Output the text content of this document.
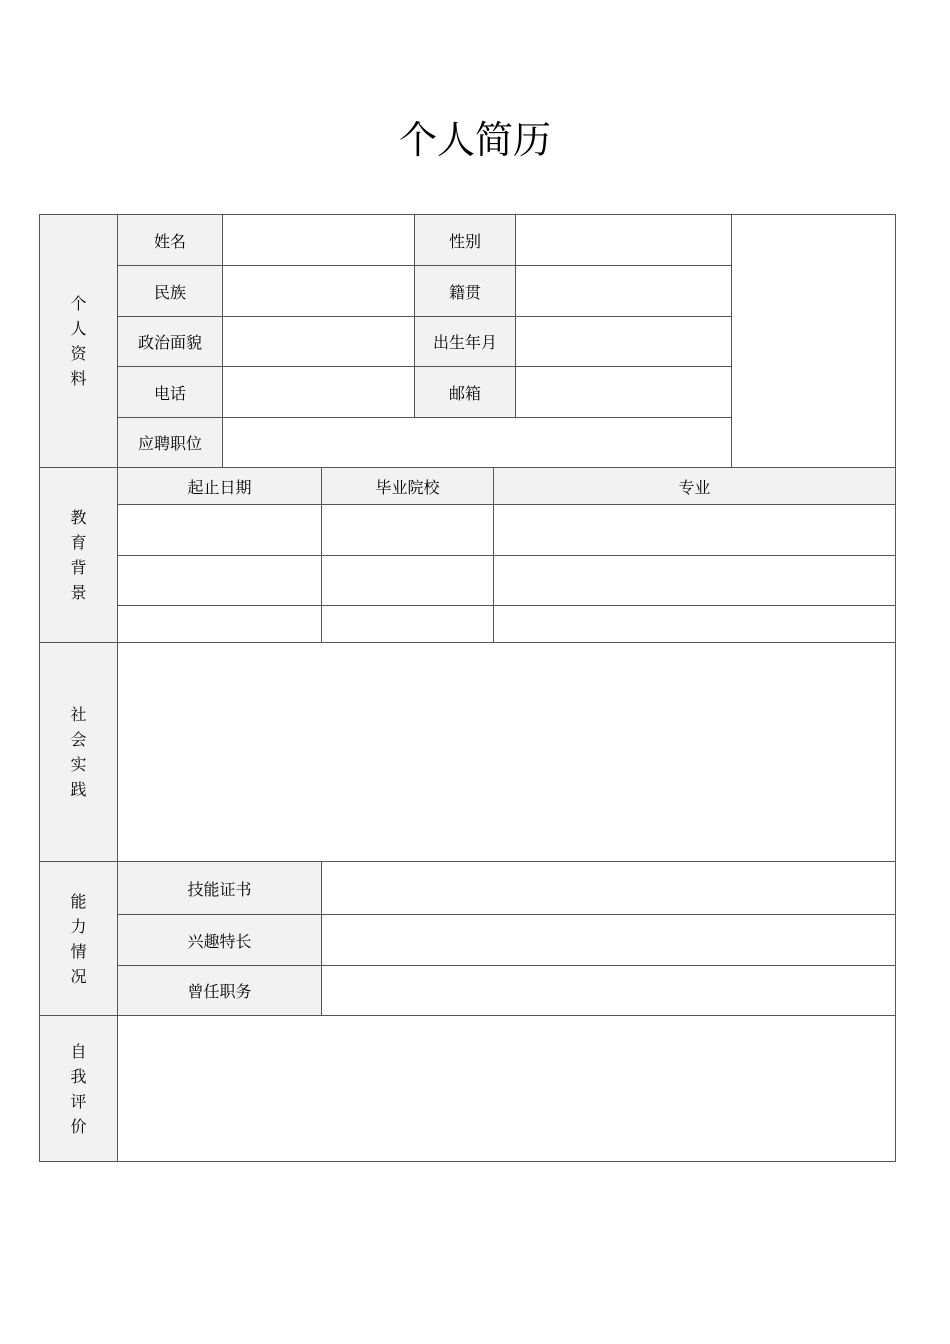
个人简历
个
人
资
料	姓名			性别			
	民族			籍贯			
	政治面貌			出生年月			
	电话			邮箱			
	应聘职位						

教
育
背
景	起止日期		毕业院校		专业		

社
会
实
践							

能
力
情
况	技能证书						
	兴趣特长						
	曾任职务						

自
我
评
价							
